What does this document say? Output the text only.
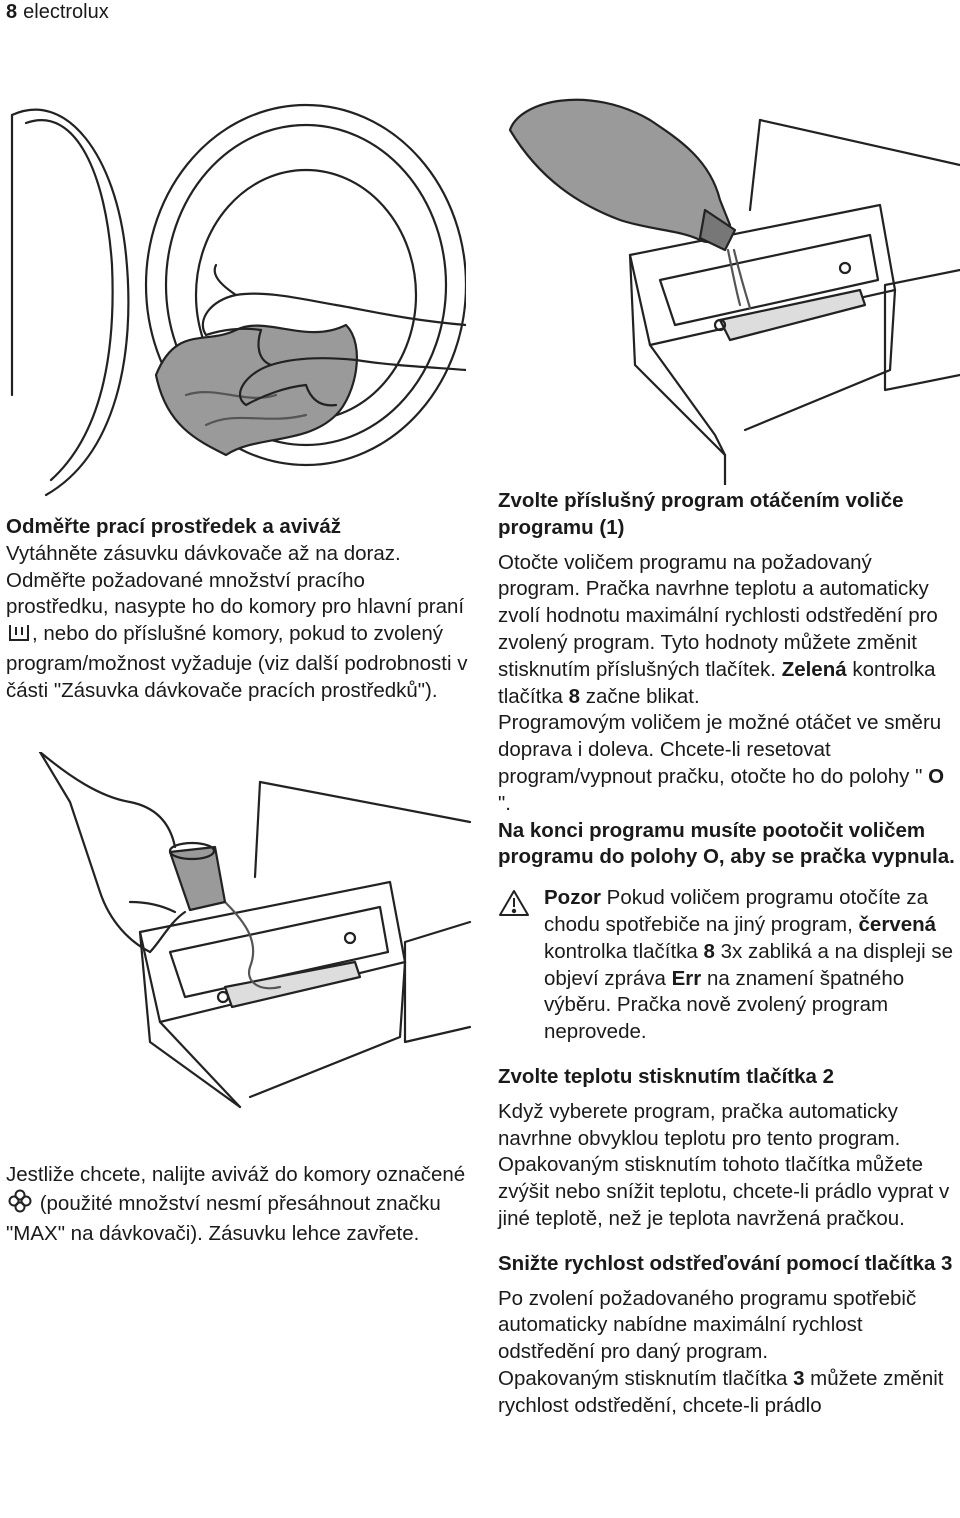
8 electrolux

Odměřte prací prostředek a aviváž

Vytáhněte zásuvku dávkovače až na doraz. Odměřte požadované množství pracího prostředku, nasypte ho do komory pro hlavní praní , nebo do příslušné komory, pokud to zvolený program/možnost vyžaduje (viz další podrobnosti v části "Zásuvka dávkovače pracích prostředků").

Jestliže chcete, nalijte aviváž do komory označené  (použité množství nesmí přesáhnout značku "MAX" na dávkovači). Zásuvku lehce zavřete.

Zvolte příslušný program otáčením voliče programu (1)

Otočte voličem programu na požadovaný program. Pračka navrhne teplotu a automaticky zvolí hodnotu maximální rychlosti odstředění pro zvolený program. Tyto hodnoty můžete změnit stisknutím příslušných tlačítek. Zelená kontrolka tlačítka 8 začne blikat.

Programovým voličem je možné otáčet ve směru doprava i doleva. Chcete-li resetovat program/vypnout pračku, otočte ho do polohy " O ".

Na konci programu musíte pootočit voličem programu do polohy O, aby se pračka vypnula.

Pozor Pokud voličem programu otočíte za chodu spotřebiče na jiný program, červená kontrolka tlačítka 8 3x zabliká a na displeji se objeví zpráva Err na znamení špatného výběru. Pračka nově zvolený program neprovede.

Zvolte teplotu stisknutím tlačítka 2

Když vyberete program, pračka automaticky navrhne obvyklou teplotu pro tento program. Opakovaným stisknutím tohoto tlačítka můžete zvýšit nebo snížit teplotu, chcete-li prádlo vyprat v jiné teplotě, než je teplota navržená pračkou.

Snižte rychlost odstřeďování pomocí tlačítka 3

Po zvolení požadovaného programu spotřebič automaticky nabídne maximální rychlost odstředění pro daný program.

Opakovaným stisknutím tlačítka 3 můžete změnit rychlost odstředění, chcete-li prádlo
